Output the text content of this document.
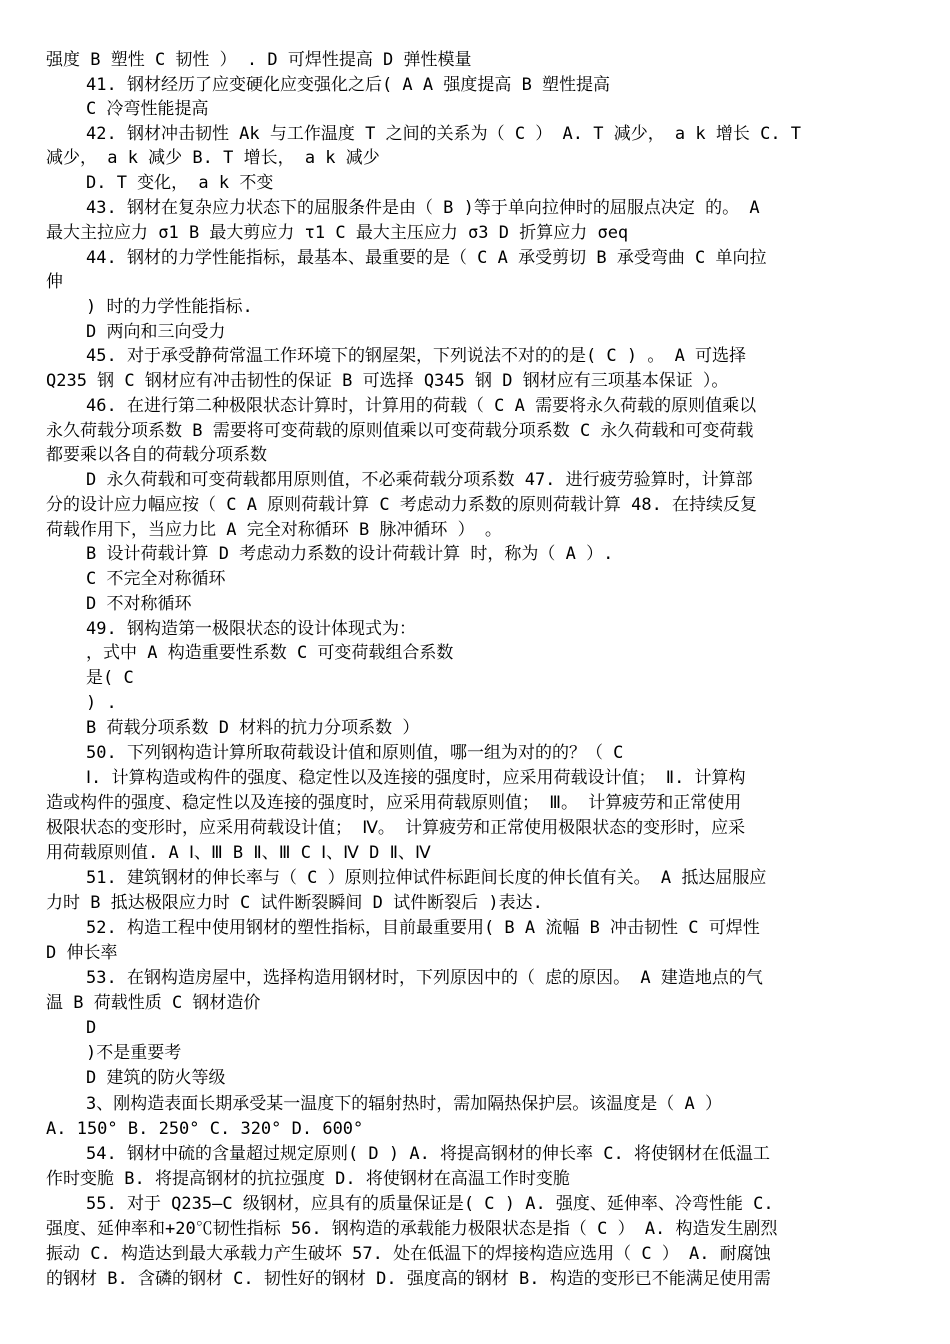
强度 B 塑性 C 韧性 ） . D 可焊性提高 D 弹性模量
41. 钢材经历了应变硬化应变强化之后( A A 强度提高 B 塑性提高
C 冷弯性能提高
42. 钢材冲击韧性 Ak 与工作温度 T 之间的关系为（ C ） A. T 减少， a k 增长 C. T
减少， a k 减少 B. T 增长， a k 减少
D. T 变化， a k 不变
43. 钢材在复杂应力状态下的屈服条件是由（ B )等于单向拉伸时的屈服点决定 的。 A
最大主拉应力 σ1 B 最大剪应力 τ1 C 最大主压应力 σ3 D 折算应力 σeq
44. 钢材的力学性能指标，最基本、最重要的是（ C A 承受剪切 B 承受弯曲 C 单向拉
伸
) 时的力学性能指标.
D 两向和三向受力
45. 对于承受静荷常温工作环境下的钢屋架，下列说法不对的的是( C ) 。 A 可选择
Q235 钢 C 钢材应有冲击韧性的保证 B 可选择 Q345 钢 D 钢材应有三项基本保证 ）。
46. 在进行第二种极限状态计算时，计算用的荷载（ C A 需要将永久荷载的原则值乘以
永久荷载分项系数 B 需要将可变荷载的原则值乘以可变荷载分项系数 C 永久荷载和可变荷载
都要乘以各自的荷载分项系数
D 永久荷载和可变荷载都用原则值，不必乘荷载分项系数 47. 进行疲劳验算时，计算部
分的设计应力幅应按（ C A 原则荷载计算 C 考虑动力系数的原则荷载计算 48. 在持续反复
荷载作用下，当应力比 A 完全对称循环 B 脉冲循环 ） 。
B 设计荷载计算 D 考虑动力系数的设计荷载计算 时，称为（ A ）.
C 不完全对称循环
D 不对称循环
49. 钢构造第一极限状态的设计体现式为：
，式中 A 构造重要性系数 C 可变荷载组合系数
是( C
) .
B 荷载分项系数 D 材料的抗力分项系数 ）
50. 下列钢构造计算所取荷载设计值和原则值，哪一组为对的的？（ C
Ⅰ. 计算构造或构件的强度、稳定性以及连接的强度时，应采用荷载设计值； Ⅱ. 计算构
造或构件的强度、稳定性以及连接的强度时，应采用荷载原则值； Ⅲ。 计算疲劳和正常使用
极限状态的变形时，应采用荷载设计值； Ⅳ。 计算疲劳和正常使用极限状态的变形时，应采
用荷载原则值. A Ⅰ、Ⅲ B Ⅱ、Ⅲ C Ⅰ、Ⅳ D Ⅱ、Ⅳ
51. 建筑钢材的伸长率与（ C ）原则拉伸试件标距间长度的伸长值有关。 A 抵达屈服应
力时 B 抵达极限应力时 C 试件断裂瞬间 D 试件断裂后 )表达.
52. 构造工程中使用钢材的塑性指标，目前最重要用( B A 流幅 B 冲击韧性 C 可焊性
D 伸长率
53. 在钢构造房屋中，选择构造用钢材时，下列原因中的（ 虑的原因。 A 建造地点的气
温 B 荷载性质 C 钢材造价
D
)不是重要考
D 建筑的防火等级
3、刚构造表面长期承受某一温度下的辐射热时，需加隔热保护层。该温度是（ A ）
A. 150° B. 250° C. 320° D. 600°
54. 钢材中硫的含量超过规定原则( D ) A. 将提高钢材的伸长率 C. 将使钢材在低温工
作时变脆 B. 将提高钢材的抗拉强度 D. 将使钢材在高温工作时变脆
55. 对于 Q235—C 级钢材，应具有的质量保证是( C ) A. 强度、延伸率、冷弯性能 C.
强度、延伸率和+20℃韧性指标 56. 钢构造的承载能力极限状态是指（ C ） A. 构造发生剧烈
振动 C. 构造达到最大承载力产生破坏 57. 处在低温下的焊接构造应选用（ C ） A. 耐腐蚀
的钢材 B. 含磷的钢材 C. 韧性好的钢材 D. 强度高的钢材 B. 构造的变形已不能满足使用需
